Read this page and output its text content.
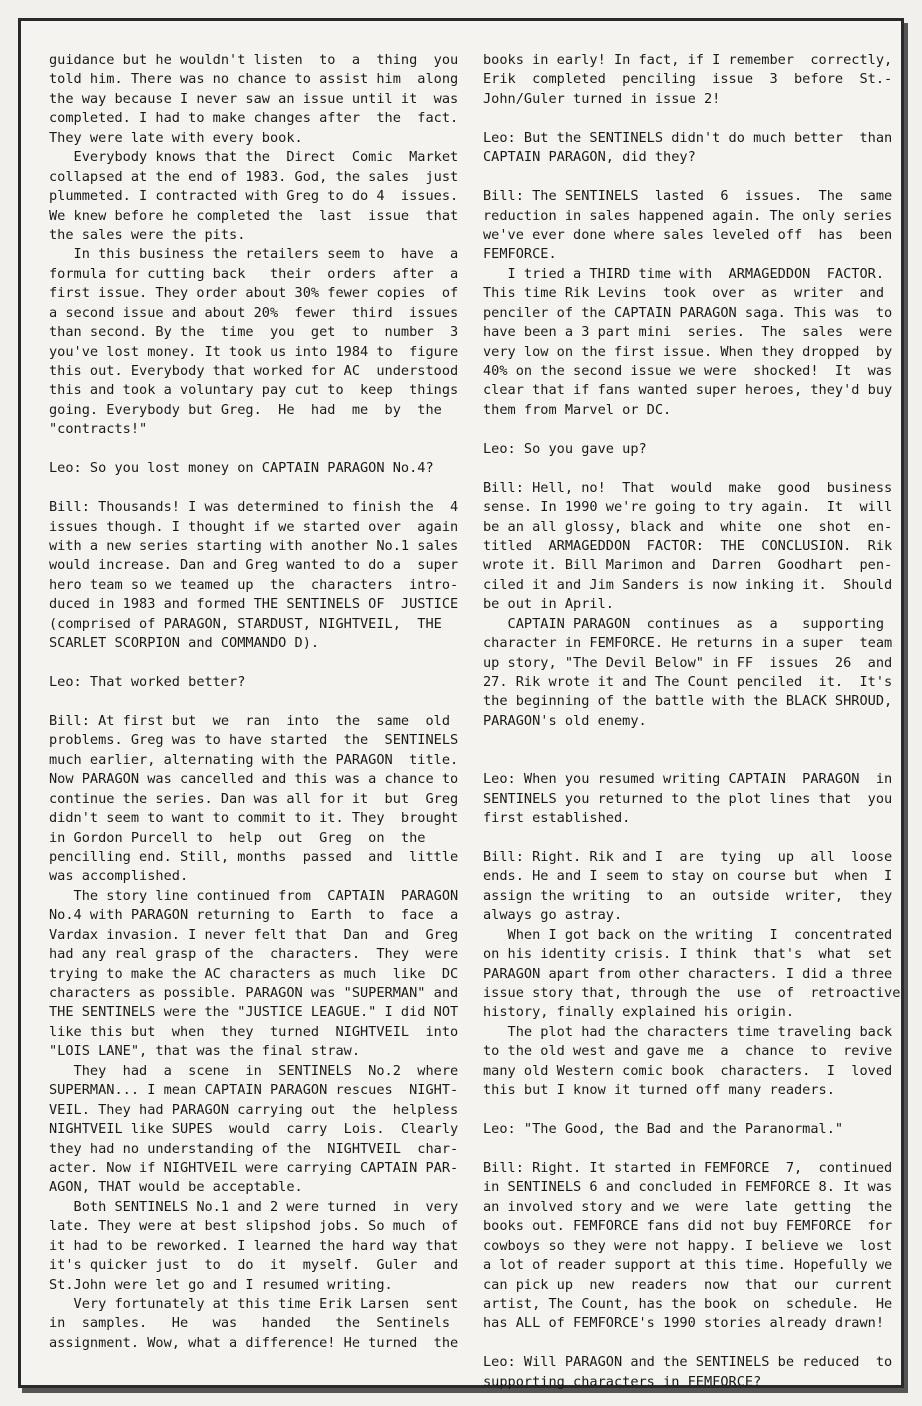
guidance but he wouldn't listen  to  a  thing  you
told him. There was no chance to assist him  along
the way because I never saw an issue until it  was
completed. I had to make changes after  the  fact.
They were late with every book.
Everybody knows that the  Direct  Comic  Market
collapsed at the end of 1983. God, the sales  just
plummeted. I contracted with Greg to do 4  issues.
We knew before he completed the  last  issue  that
the sales were the pits.
In this business the retailers seem to  have  a
formula for cutting back   their  orders  after  a
first issue. They order about 30% fewer copies  of
a second issue and about 20%  fewer  third  issues
than second. By the  time  you  get  to  number  3
you've lost money. It took us into 1984 to  figure
this out. Everybody that worked for AC  understood
this and took a voluntary pay cut to  keep  things
going. Everybody but Greg.  He  had  me  by  the
"contracts!"
Leo: So you lost money on CAPTAIN PARAGON No.4?
Bill: Thousands! I was determined to finish the  4
issues though. I thought if we started over  again
with a new series starting with another No.1 sales
would increase. Dan and Greg wanted to do a  super
hero team so we teamed up  the  characters  intro-
duced in 1983 and formed THE SENTINELS OF  JUSTICE
(comprised of PARAGON, STARDUST, NIGHTVEIL,  THE
SCARLET SCORPION and COMMANDO D).
Leo: That worked better?
Bill: At first but  we  ran  into  the  same  old
problems. Greg was to have started  the  SENTINELS
much earlier, alternating with the PARAGON  title.
Now PARAGON was cancelled and this was a chance to
continue the series. Dan was all for it  but  Greg
didn't seem to want to commit to it. They  brought
in Gordon Purcell to  help  out  Greg  on  the
pencilling end. Still, months  passed  and  little
was accomplished.
The story line continued from  CAPTAIN  PARAGON
No.4 with PARAGON returning to  Earth  to  face  a
Vardax invasion. I never felt that  Dan  and  Greg
had any real grasp of the  characters.  They  were
trying to make the AC characters as much  like  DC
characters as possible. PARAGON was "SUPERMAN" and
THE SENTINELS were the "JUSTICE LEAGUE." I did NOT
like this but  when  they  turned  NIGHTVEIL  into
"LOIS LANE", that was the final straw.
They  had  a  scene  in  SENTINELS  No.2  where
SUPERMAN... I mean CAPTAIN PARAGON rescues  NIGHT-
VEIL. They had PARAGON carrying out  the  helpless
NIGHTVEIL like SUPES  would  carry  Lois.  Clearly
they had no understanding of the  NIGHTVEIL  char-
acter. Now if NIGHTVEIL were carrying CAPTAIN PAR-
AGON, THAT would be acceptable.
Both SENTINELS No.1 and 2 were turned  in  very
late. They were at best slipshod jobs. So much  of
it had to be reworked. I learned the hard way that
it's quicker just  to  do  it  myself.  Guler  and
St.John were let go and I resumed writing.
Very fortunately at this time Erik Larsen  sent
in  samples.   He   was   handed   the  Sentinels
assignment. Wow, what a difference! He turned  the
books in early! In fact, if I remember  correctly,
Erik  completed  penciling  issue  3  before  St.-
John/Guler turned in issue 2!
Leo: But the SENTINELS didn't do much better  than
CAPTAIN PARAGON, did they?
Bill: The SENTINELS  lasted  6  issues.  The  same
reduction in sales happened again. The only series
we've ever done where sales leveled off  has  been
FEMFORCE.
I tried a THIRD time with  ARMAGEDDON  FACTOR.
This time Rik Levins  took  over  as  writer  and
penciler of the CAPTAIN PARAGON saga. This was  to
have been a 3 part mini  series.  The  sales  were
very low on the first issue. When they dropped  by
40% on the second issue we were  shocked!  It  was
clear that if fans wanted super heroes, they'd buy
them from Marvel or DC.
Leo: So you gave up?
Bill: Hell, no!  That  would  make  good  business
sense. In 1990 we're going to try again.  It  will
be an all glossy, black and  white  one  shot  en-
titled  ARMAGEDDON  FACTOR:  THE  CONCLUSION.  Rik
wrote it. Bill Marimon and  Darren  Goodhart  pen-
ciled it and Jim Sanders is now inking it.  Should
be out in April.
CAPTAIN PARAGON  continues  as  a   supporting
character in FEMFORCE. He returns in a super  team
up story, "The Devil Below" in FF  issues  26  and
27. Rik wrote it and The Count penciled  it.  It's
the beginning of the battle with the BLACK SHROUD,
PARAGON's old enemy.
Leo: When you resumed writing CAPTAIN  PARAGON  in
SENTINELS you returned to the plot lines that  you
first established.
Bill: Right. Rik and I  are  tying  up  all  loose
ends. He and I seem to stay on course but  when  I
assign the writing  to  an  outside  writer,  they
always go astray.
When I got back on the writing  I  concentrated
on his identity crisis. I think  that's  what  set
PARAGON apart from other characters. I did a three
issue story that, through the  use  of  retroactive
history, finally explained his origin.
The plot had the characters time traveling back
to the old west and gave me  a  chance  to  revive
many old Western comic book  characters.  I  loved
this but I know it turned off many readers.
Leo: "The Good, the Bad and the Paranormal."
Bill: Right. It started in FEMFORCE  7,  continued
in SENTINELS 6 and concluded in FEMFORCE 8. It was
an involved story and we  were  late  getting  the
books out. FEMFORCE fans did not buy FEMFORCE  for
cowboys so they were not happy. I believe we  lost
a lot of reader support at this time. Hopefully we
can pick up  new  readers  now  that  our  current
artist, The Count, has the book  on  schedule.  He
has ALL of FEMFORCE's 1990 stories already drawn!
Leo: Will PARAGON and the SENTINELS be reduced  to
supporting characters in FEMFORCE?
